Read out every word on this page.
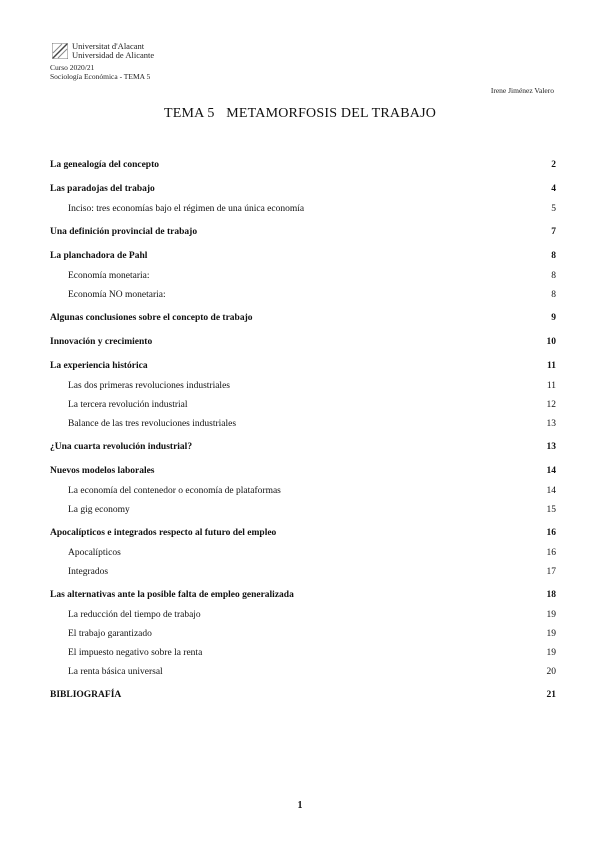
Universitat d'Alacant
Universidad de Alicante
Curso 2020/21
Sociología Económica - TEMA 5
Irene Jiménez Valero
TEMA 5 METAMORFOSIS DEL TRABAJO
La genealogía del concepto	2
Las paradojas del trabajo	4
Inciso: tres economías bajo el régimen de una única economía	5
Una definición provincial de trabajo	7
La planchadora de Pahl	8
Economía monetaria:	8
Economía NO monetaria:	8
Algunas conclusiones sobre el concepto de trabajo	9
Innovación y crecimiento	10
La experiencia histórica	11
Las dos primeras revoluciones industriales	11
La tercera revolución industrial	12
Balance de las tres revoluciones industriales	13
¿Una cuarta revolución industrial?	13
Nuevos modelos laborales	14
La economía del contenedor o economía de plataformas	14
La gig economy	15
Apocalípticos e integrados respecto al futuro del empleo	16
Apocalípticos	16
Integrados	17
Las alternativas ante la posible falta de empleo generalizada	18
La reducción del tiempo de trabajo	19
El trabajo garantizado	19
El impuesto negativo sobre la renta	19
La renta básica universal	20
BIBLIOGRAFÍA	21
1
